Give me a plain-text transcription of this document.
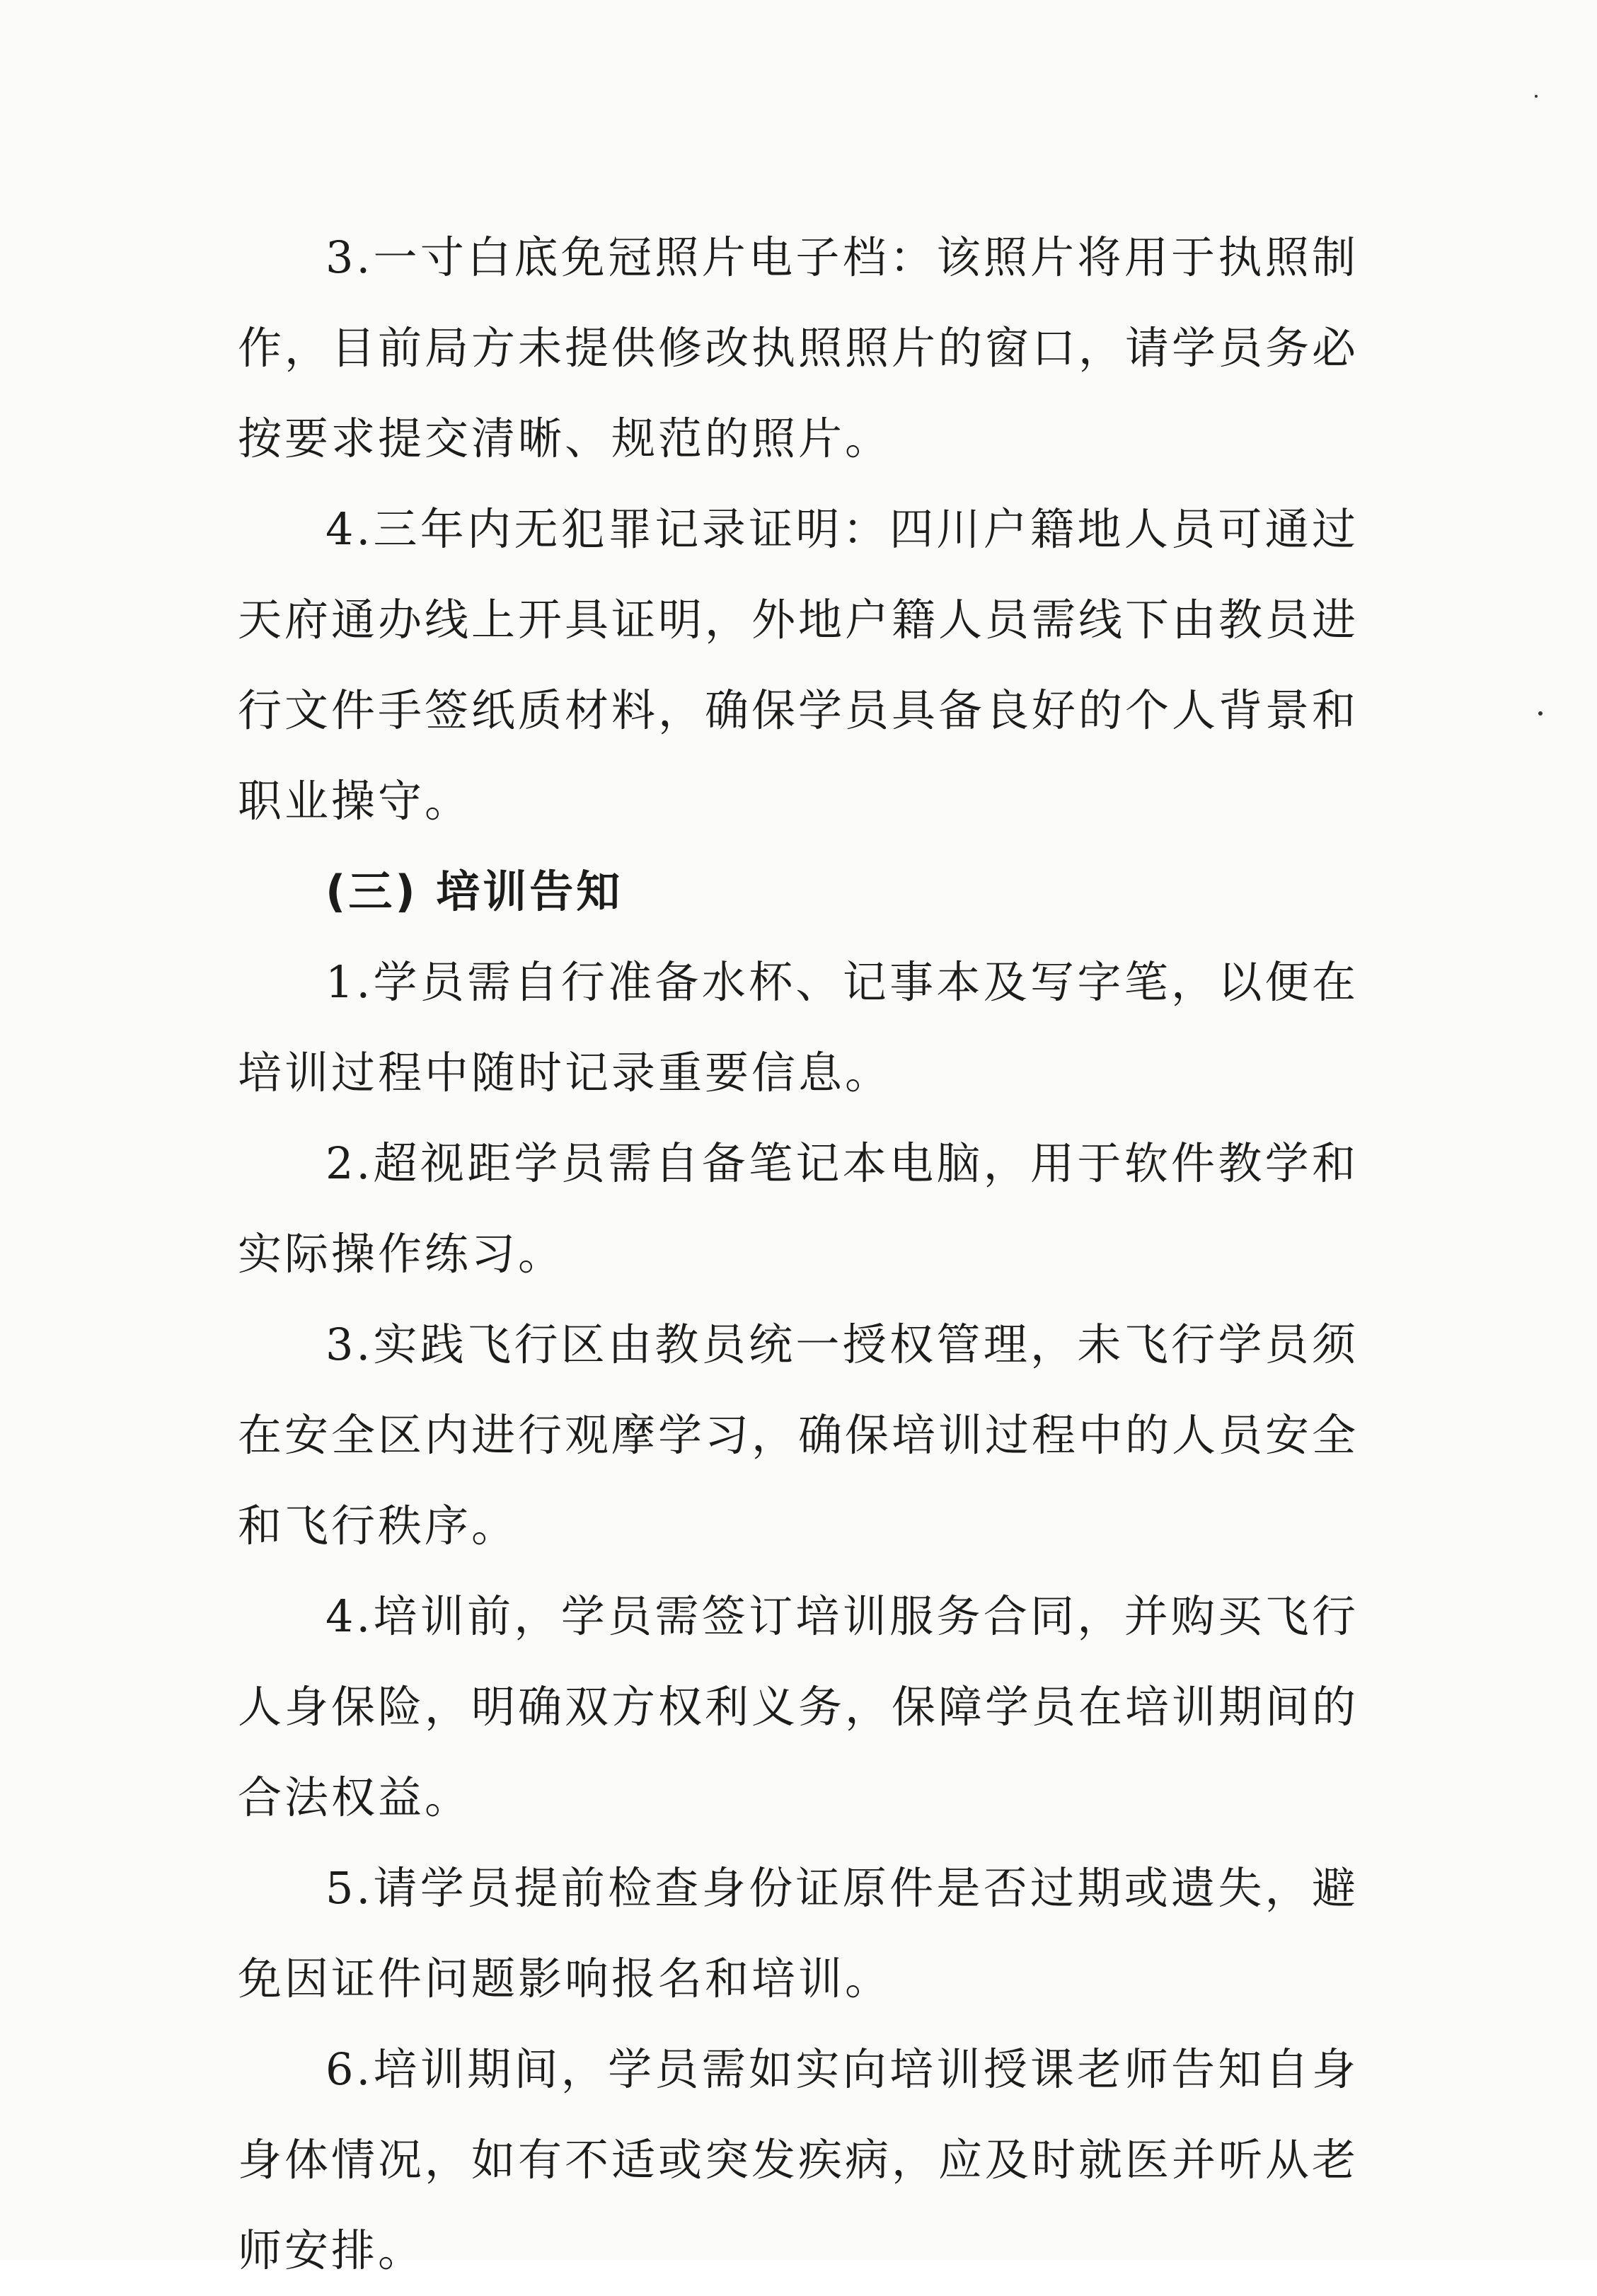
3.一寸白底免冠照片电子档：该照片将用于执照制作，目前局方未提供修改执照照片的窗口，请学员务必按要求提交清晰、规范的照片。

4.三年内无犯罪记录证明：四川户籍地人员可通过天府通办线上开具证明，外地户籍人员需线下由教员进行文件手签纸质材料，确保学员具备良好的个人背景和职业操守。

(三) 培训告知

1.学员需自行准备水杯、记事本及写字笔，以便在培训过程中随时记录重要信息。

2.超视距学员需自备笔记本电脑，用于软件教学和实际操作练习。

3.实践飞行区由教员统一授权管理，未飞行学员须在安全区内进行观摩学习，确保培训过程中的人员安全和飞行秩序。

4.培训前，学员需签订培训服务合同，并购买飞行人身保险，明确双方权利义务，保障学员在培训期间的合法权益。

5.请学员提前检查身份证原件是否过期或遗失，避免因证件问题影响报名和培训。

6.培训期间，学员需如实向培训授课老师告知自身身体情况，如有不适或突发疾病，应及时就医并听从老师安排。
